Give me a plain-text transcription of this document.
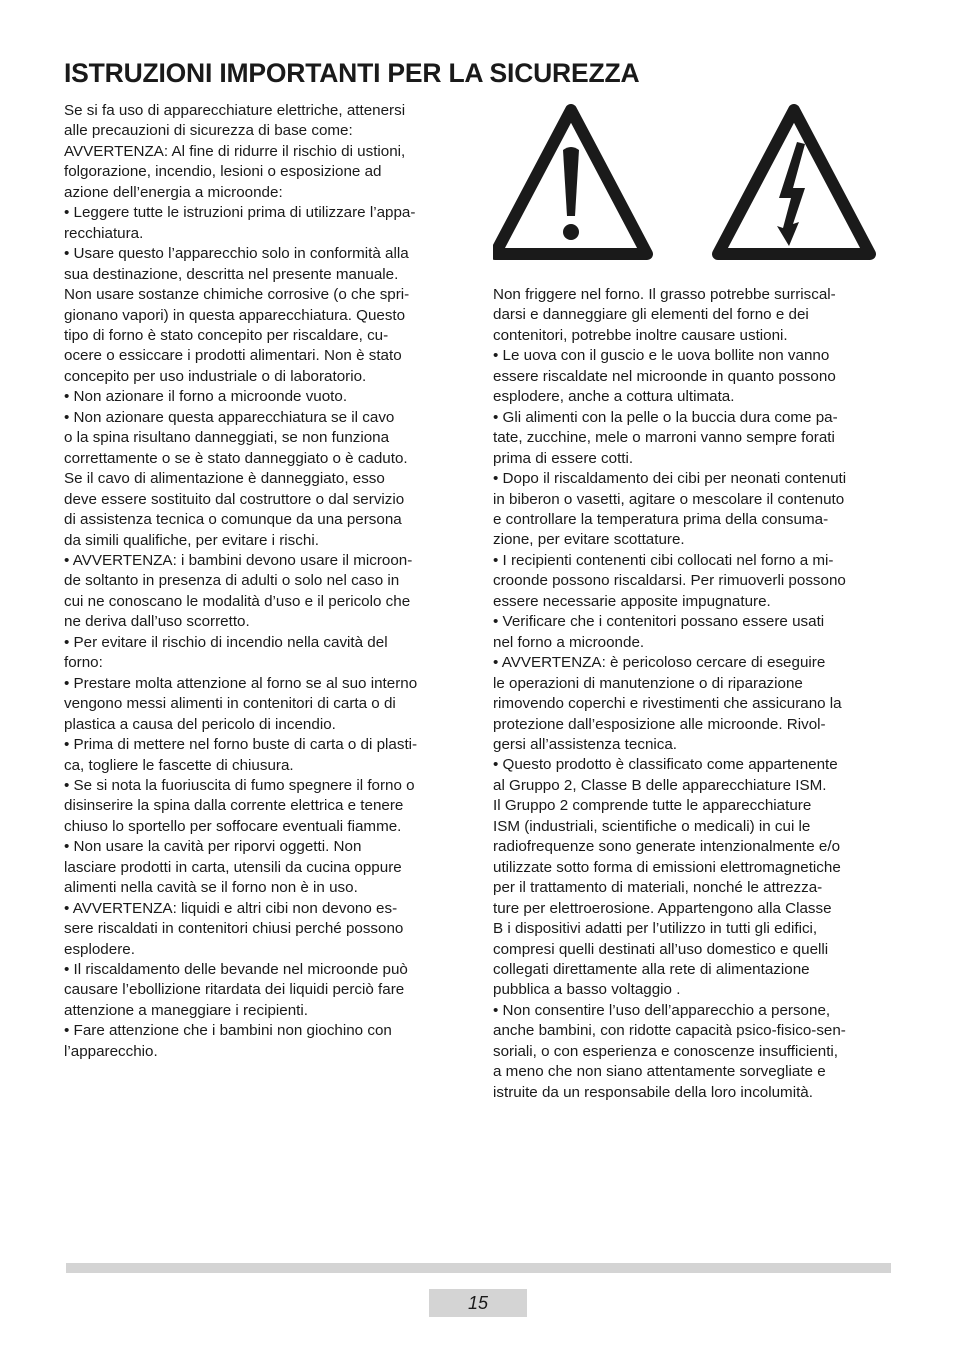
ISTRUZIONI IMPORTANTI PER LA SICUREZZA

Se si fa uso di apparecchiature elettriche, attenersi

alle precauzioni di sicurezza di base come:

AVVERTENZA: Al fine di ridurre il rischio di ustioni,

folgorazione, incendio, lesioni o esposizione ad

azione dell’energia a microonde:

• Leggere tutte le istruzioni prima di utilizzare l’appa-

recchiatura.

• Usare questo l’apparecchio solo in conformità alla

sua destinazione, descritta nel presente manuale.

Non usare sostanze chimiche corrosive (o che spri-

gionano vapori) in questa apparecchiatura. Questo

tipo di forno è stato concepito per riscaldare, cu-

ocere o essiccare i prodotti alimentari. Non è stato

concepito per uso industriale o di laboratorio.

• Non azionare il forno a microonde vuoto.

• Non azionare questa apparecchiatura se il cavo

o la spina risultano danneggiati, se non funziona

correttamente o se è stato danneggiato o è caduto.

Se il cavo di alimentazione è danneggiato, esso

deve essere sostituito dal costruttore o dal servizio

di assistenza tecnica o comunque da una persona

da simili qualifiche, per evitare i rischi.

• AVVERTENZA: i bambini devono usare il microon-

de soltanto in presenza di adulti o solo nel caso in

cui ne conoscano le modalità d’uso e il pericolo che

ne deriva dall’uso scorretto.

• Per evitare il rischio di incendio nella cavità del

forno:

• Prestare molta attenzione al forno se al suo interno

vengono messi alimenti in contenitori di carta o di

plastica a causa del pericolo di incendio.

• Prima di mettere nel forno buste di carta o di plasti-

ca, togliere le fascette di chiusura.

• Se si nota la fuoriuscita di fumo spegnere il forno o

disinserire la spina dalla corrente elettrica e tenere

chiuso lo sportello per soffocare eventuali fiamme.

• Non usare la cavità per riporvi oggetti. Non

lasciare prodotti in carta, utensili da cucina oppure

alimenti nella cavità se il forno non è in uso.

• AVVERTENZA: liquidi e altri cibi non devono es-

sere riscaldati in contenitori chiusi perché possono

esplodere.

• Il riscaldamento delle bevande nel microonde può

causare l’ebollizione ritardata dei liquidi perciò fare

attenzione a maneggiare i recipienti.

• Fare attenzione che i bambini non giochino con

l’apparecchio.

Non friggere nel forno. Il grasso potrebbe surriscal-

darsi e danneggiare gli elementi del forno e dei

contenitori, potrebbe inoltre causare ustioni.

• Le uova con il guscio e le uova bollite non vanno

essere riscaldate nel microonde in quanto possono

esplodere, anche a cottura ultimata.

• Gli alimenti con la pelle o la buccia dura come pa-

tate, zucchine, mele o marroni vanno sempre forati

prima di essere cotti.

• Dopo il riscaldamento dei cibi per neonati contenuti

in biberon o vasetti, agitare o mescolare il contenuto

e controllare la temperatura prima della consuma-

zione, per evitare scottature.

• I recipienti contenenti cibi collocati nel forno a mi-

croonde possono riscaldarsi. Per rimuoverli possono

essere necessarie apposite impugnature.

• Verificare che i contenitori possano essere usati

nel forno a microonde.

• AVVERTENZA: è pericoloso cercare di eseguire

le operazioni di manutenzione o di riparazione

rimovendo coperchi e rivestimenti che assicurano la

protezione dall’esposizione alle microonde. Rivol-

gersi all’assistenza tecnica.

• Questo prodotto è classificato come appartenente

al Gruppo 2, Classe B delle apparecchiature ISM.

Il Gruppo 2 comprende tutte le apparecchiature

ISM (industriali, scientifiche o medicali) in cui le

radiofrequenze sono generate intenzionalmente e/o

utilizzate sotto forma di emissioni elettromagnetiche

per il trattamento di materiali, nonché le attrezza-

ture per elettroerosione. Appartengono alla Classe

B i dispositivi adatti per l’utilizzo in tutti gli edifici,

compresi quelli destinati all’uso domestico e quelli

collegati direttamente alla rete di alimentazione

pubblica a basso voltaggio .

• Non consentire l’uso dell’apparecchio a persone,

anche bambini, con ridotte capacità psico-fisico-sen-

soriali, o con esperienza e conoscenze insufficienti,

a meno che non siano attentamente sorvegliate e

istruite da un responsabile della loro incolumità.

15
